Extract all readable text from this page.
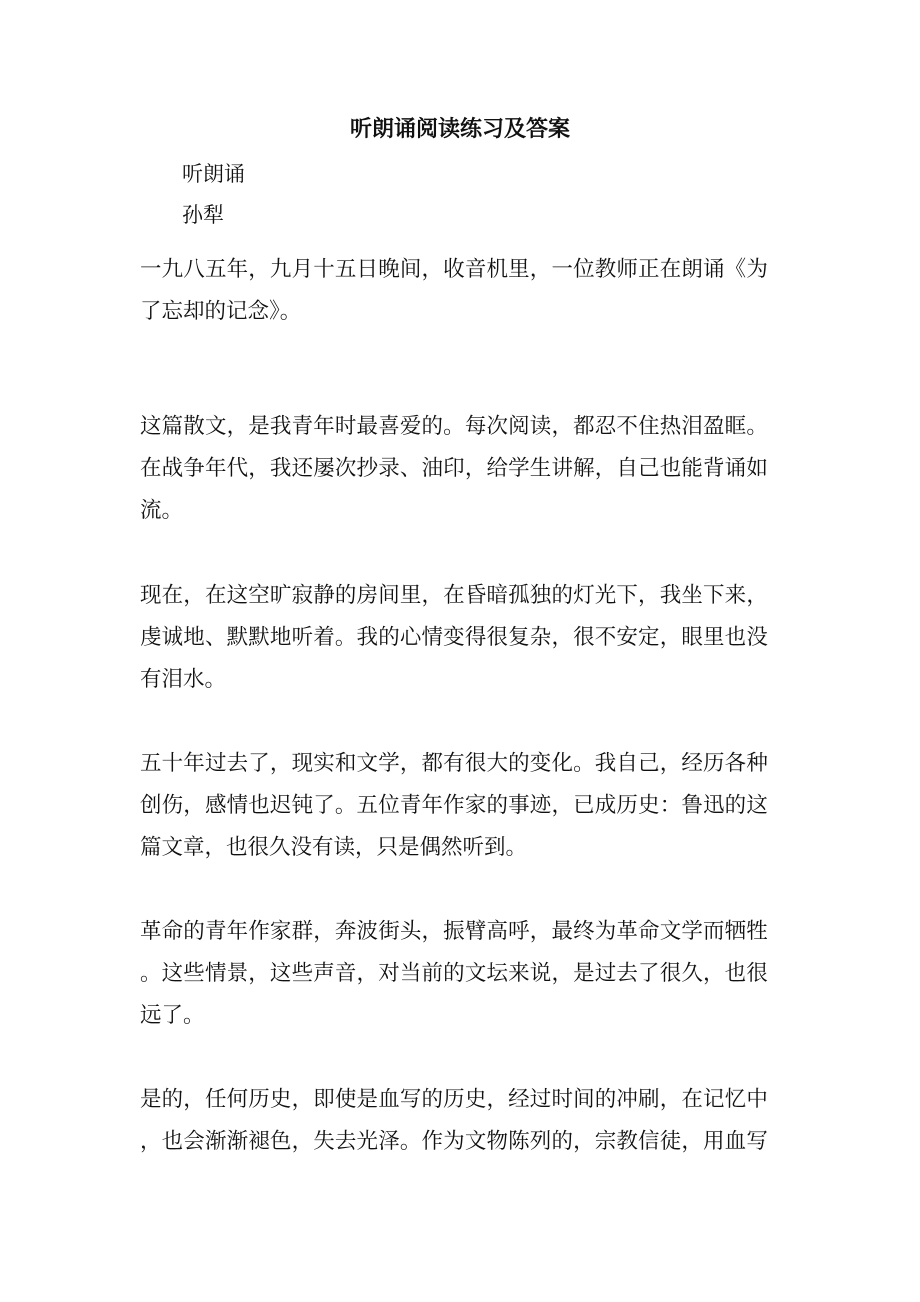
听朗诵阅读练习及答案
听朗诵
孙犁
一九八五年，九月十五日晚间，收音机里，一位教师正在朗诵《为
了忘却的记念》。
这篇散文，是我青年时最喜爱的。每次阅读，都忍不住热泪盈眶。
在战争年代，我还屡次抄录、油印，给学生讲解，自己也能背诵如
流。
现在，在这空旷寂静的房间里，在昏暗孤独的灯光下，我坐下来，
虔诚地、默默地听着。我的心情变得很复杂，很不安定，眼里也没
有泪水。
五十年过去了，现实和文学，都有很大的变化。我自己，经历各种
创伤，感情也迟钝了。五位青年作家的事迹，已成历史：鲁迅的这
篇文章，也很久没有读，只是偶然听到。
革命的青年作家群，奔波街头，振臂高呼，最终为革命文学而牺牲
。这些情景，这些声音，对当前的文坛来说，是过去了很久，也很
远了。
是的，任何历史，即使是血写的历史，经过时间的冲刷，在记忆中
，也会渐渐褪色，失去光泽。作为文物陈列的，宗教信徒，用血写
